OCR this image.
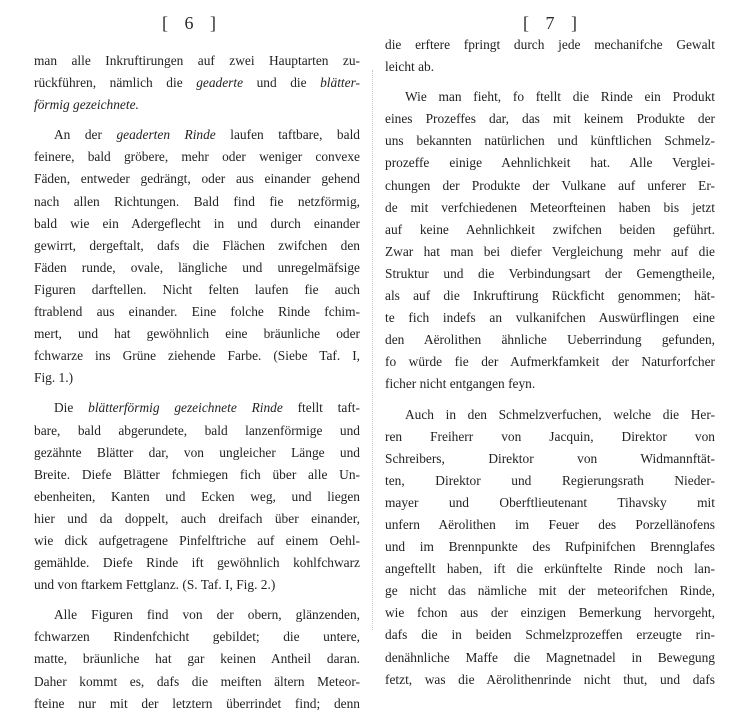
[ 6 ]
man alle Inkruftirungen auf zwei Hauptarten zu-
rückführen, nämlich die geaderte und die blätter-
förmig gezeichnete.
An der geaderten Rinde laufen taftbare, bald
feinere, bald gröbere, mehr oder weniger convexe
Fäden, entweder gedrängt, oder aus einander gehend
nach allen Richtungen. Bald find fie netzförmig,
bald wie ein Adergeflecht in und durch einander
gewirrt, dergeftalt, dafs die Flächen zwifchen den
Fäden runde, ovale, längliche und unregelmäfsige
Figuren darftellen. Nicht felten laufen fie auch
ftrablend aus einander. Eine folche Rinde fchim-
mert, und hat gewöhnlich eine bräunliche oder
fchwarze ins Grüne ziehende Farbe. (Siebe Taf. I,
Fig. 1.)
Die blätterförmig gezeichnete Rinde ftellt taft-
bare, bald abgerundete, bald lanzenförmige und
gezähnte Blätter dar, von ungleicher Länge und
Breite. Diefe Blätter fchmiegen fich über alle Un-
ebenheiten, Kanten und Ecken weg, und liegen
hier und da doppelt, auch dreifach über einander,
wie dick aufgetragene Pinfelftriche auf einem Oehl-
gemählde. Diefe Rinde ift gewöhnlich kohlfchwarz
und von ftarkem Fettglanz. (S. Taf. I, Fig. 2.)
Alle Figuren find von der obern, glänzenden,
fchwarzen Rindenfchicht gebildet; die untere,
matte, bräunliche hat gar keinen Antheil daran.
Daher kommt es, dafs die meiften ältern Meteor-
fteine nur mit der letztern überrindet find; denn
[ 7 ]
die erftere fpringt durch jede mechanifche Gewalt
leicht ab.
Wie man fieht, fo ftellt die Rinde ein Produkt
eines Prozeffes dar, das mit keinem Produkte der
uns bekannten natürlichen und künftlichen Schmelz-
prozeffe einige Aehnlichkeit hat. Alle Verglei-
chungen der Produkte der Vulkane auf unferer Er-
de mit verfchiedenen Meteorfteinen haben bis jetzt
auf keine Aehnlichkeit zwifchen beiden geführt.
Zwar hat man bei diefer Vergleichung mehr auf die
Struktur und die Verbindungsart der Gemengtheile,
als auf die Inkruftirung Rückficht genommen; hät-
te fich indefs an vulkanifchen Auswürflingen eine
den Aërolithen ähnliche Ueberrindung gefunden,
fo würde fie der Aufmerkfamkeit der Naturforfcher
ficher nicht entgangen feyn.
Auch in den Schmelzverfuchen, welche die Her-
ren Freiherr von Jacquin, Direktor von
Schreibers, Direktor von Widmannftät-
ten, Direktor und Regierungsrath Nieder-
mayer und Oberftlieutenant Tihavsky mit
unfern Aërolithen im Feuer des Porzellänofens
und im Brennpunkte des Rufpinifchen Brennglafes
angeftellt haben, ift die erkünftelte Rinde noch lan-
ge nicht das nämliche mit der meteorifchen Rinde,
wie fchon aus der einzigen Bemerkung hervorgeht,
dafs die in beiden Schmelzprozeffen erzeugte rin-
denähnliche Maffe die Magnetnadel in Bewegung
fetzt, was die Aërolithenrinde nicht thut, und dafs
